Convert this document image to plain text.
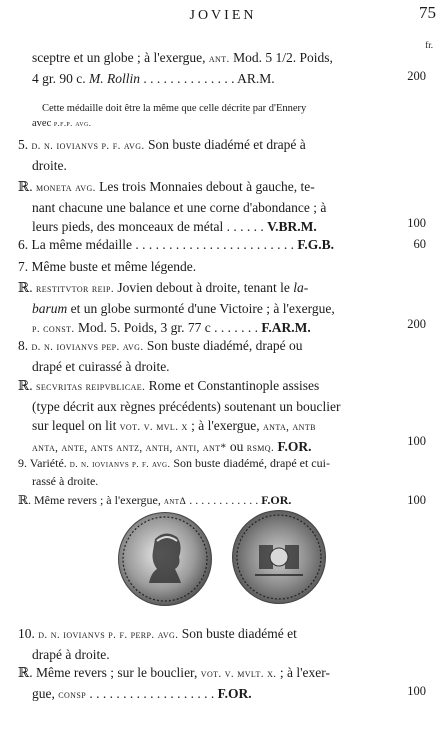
JOVIEN	75
fr.
sceptre et un globe ; à l'exergue, ant. Mod. 5 1/2. Poids,
4 gr. 90 c. M. Rollin . . . . . . . . . . . . . . AR.M.	200
Cette médaille doit être la même que celle décrite par d'Ennery
avec p.f.p. avg.
5. d. n. iovianvs p. f. avg. Son buste diadémé et drapé à
droite.
ℝ. moneta avg. Les trois Monnaies debout à gauche, te-
nant chacune une balance et une corne d'abondance ; à
leurs pieds, des monceaux de métal . . . . . . V.BR.M.	100
6. La même médaille . . . . . . . . . . . . . . . . . . . . . . . . F.G.B.	60
7. Même buste et même légende.
ℝ. restitvtor reip. Jovien debout à droite, tenant le la-
barum et un globe surmonté d'une Victoire ; à l'exergue,
p. const. Mod. 5. Poids, 3 gr. 77 c . . . . . . . F.AR.M.	200
8. d. n. iovianvs pep. avg. Son buste diadémé, drapé ou
drapé et cuirassé à droite.
ℝ. secvritas reipvblicae. Rome et Constantinople assises
(type décrit aux règnes précédents) soutenant un bouclier
sur lequel on lit vot. v. mvl. x ; à l'exergue, anta, antb
anta, ante, ants antz, anth, anti, ant* ou rsmq. F.OR.	100
9. Variété. d. n. iovianvs p. f. avg. Son buste diadémé, drapé et cui-
rassé à droite.
ℝ. Même revers ; à l'exergue, antΔ . . . . . . . . . . . . F.OR.	100
10. d. n. iovianvs p. f. perp. avg. Son buste diadémé et
drapé à droite.
ℝ. Même revers ; sur le bouclier, vot. v. mvlt. x. ; à l'exer-
gue, consp . . . . . . . . . . . . . . . . . . . F.OR.	100
